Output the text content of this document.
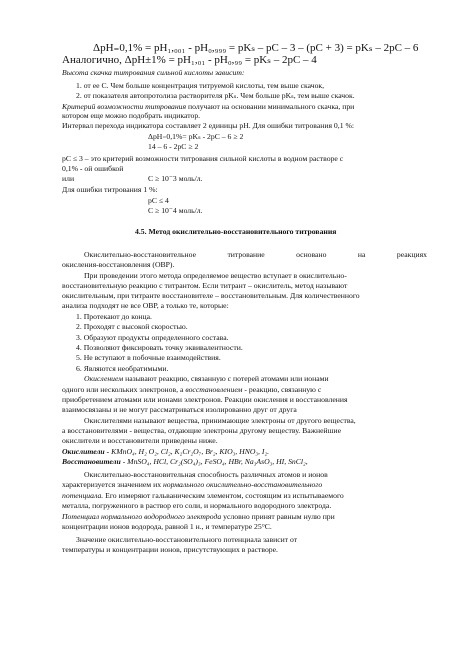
ΔpH₌0,1% = pH₁,₀₀₁ - pH₀,₉₉₉ = pKₛ – pC – 3 – (pC + 3) = pKₛ – 2pC – 6
Аналогично, ΔpH±1% = pH₁,₀₁ - pH₀,₉₉ = pKₛ – 2pC – 4
Высота скачка титрования сильной кислоты зависит:
1. от ee C. Чем больше концентрация титруемой кислоты, тем выше скачок,
2. от показателя автопротолиза растворителя pKₛ. Чем больше pKₛ, тем выше скачок.
Критерий возможности титрования получают на основании минимального скачка, при
котором еще можно подобрать индикатор.
Интервал перехода индикатора составляет 2 единицы pH. Для ошибки титрования 0,1 %:
ΔpH₌0,1%= pKₛ - 2pC – 6 ≥ 2
14 – 6 - 2pC ≥ 2
pC ≤ 3 – это критерий возможности титрования сильной кислоты в водном растворе с
0,1% - ой ошибкой
или	C ≥ 10⁻3 моль/л.
Для ошибки титрования 1 %:
pC ≤ 4
C ≥ 10⁻4 моль/л.
4.5. Метод окислительно-восстановительного титрования
Окислительно-восстановительное титрование основано на реакциях
окисления-восстановления (ОВР).
При проведении этого метода определяемое вещество вступает в окислительно-
восстановительную реакцию с титрантом. Если титрант – окислитель, метод называют
окислительным, при титранте восстановителе – восстановительным. Для количественного
анализа подходят не все ОВР, а только те, которые:
1. Протекают до конца.
2. Проходят с высокой скоростью.
3. Образуют продукты определенного состава.
4. Позволяют фиксировать точку эквивалентности.
5. Не вступают в побочные взаимодействия.
6. Являются необратимыми.
Окислением называют реакцию, связанную с потерей атомами или ионами
одного или нескольких электронов, а восстановлением - реакцию, связанную с
приобретением атомами или ионами электронов. Реакции окисления и восстановления
взаимосвязаны и не могут рассматриваться изолированно друг от друга
Окислителями называют вещества, принимающие электроны от другого вещества,
а восстановителями - вещества, отдающие электроны другому веществу. Важнейшие
окислители и восстановители приведены ниже.
Окислители - KMnO₄, H₂ O₂, Cl₂, K₂Cr₂O₇, Br₂, KIO₃, HNO₃, I₂.
Восстановители - MnSO₄, HCl, Cr₂(SO₄)₃, FeSO₄, HBr, Na₃AsO₃, HI, SnCl₂,
Окислительно-восстановительная способность различных атомов и ионов
характеризуется значением их нормального окислительно-восстановительного
потенциала. Его измеряют гальваническим элементом, состоящим из испытываемого
металла, погруженного в раствор его соли, и нормального водородного электрода.
Потенциал нормального водородного электрода условно принят равным нулю при
концентрации ионов водорода, равной 1 н., и температуре 25°С.
Значение окислительно-восстановительного потенциала зависит от
температуры и концентрации ионов, присутствующих в растворе.
